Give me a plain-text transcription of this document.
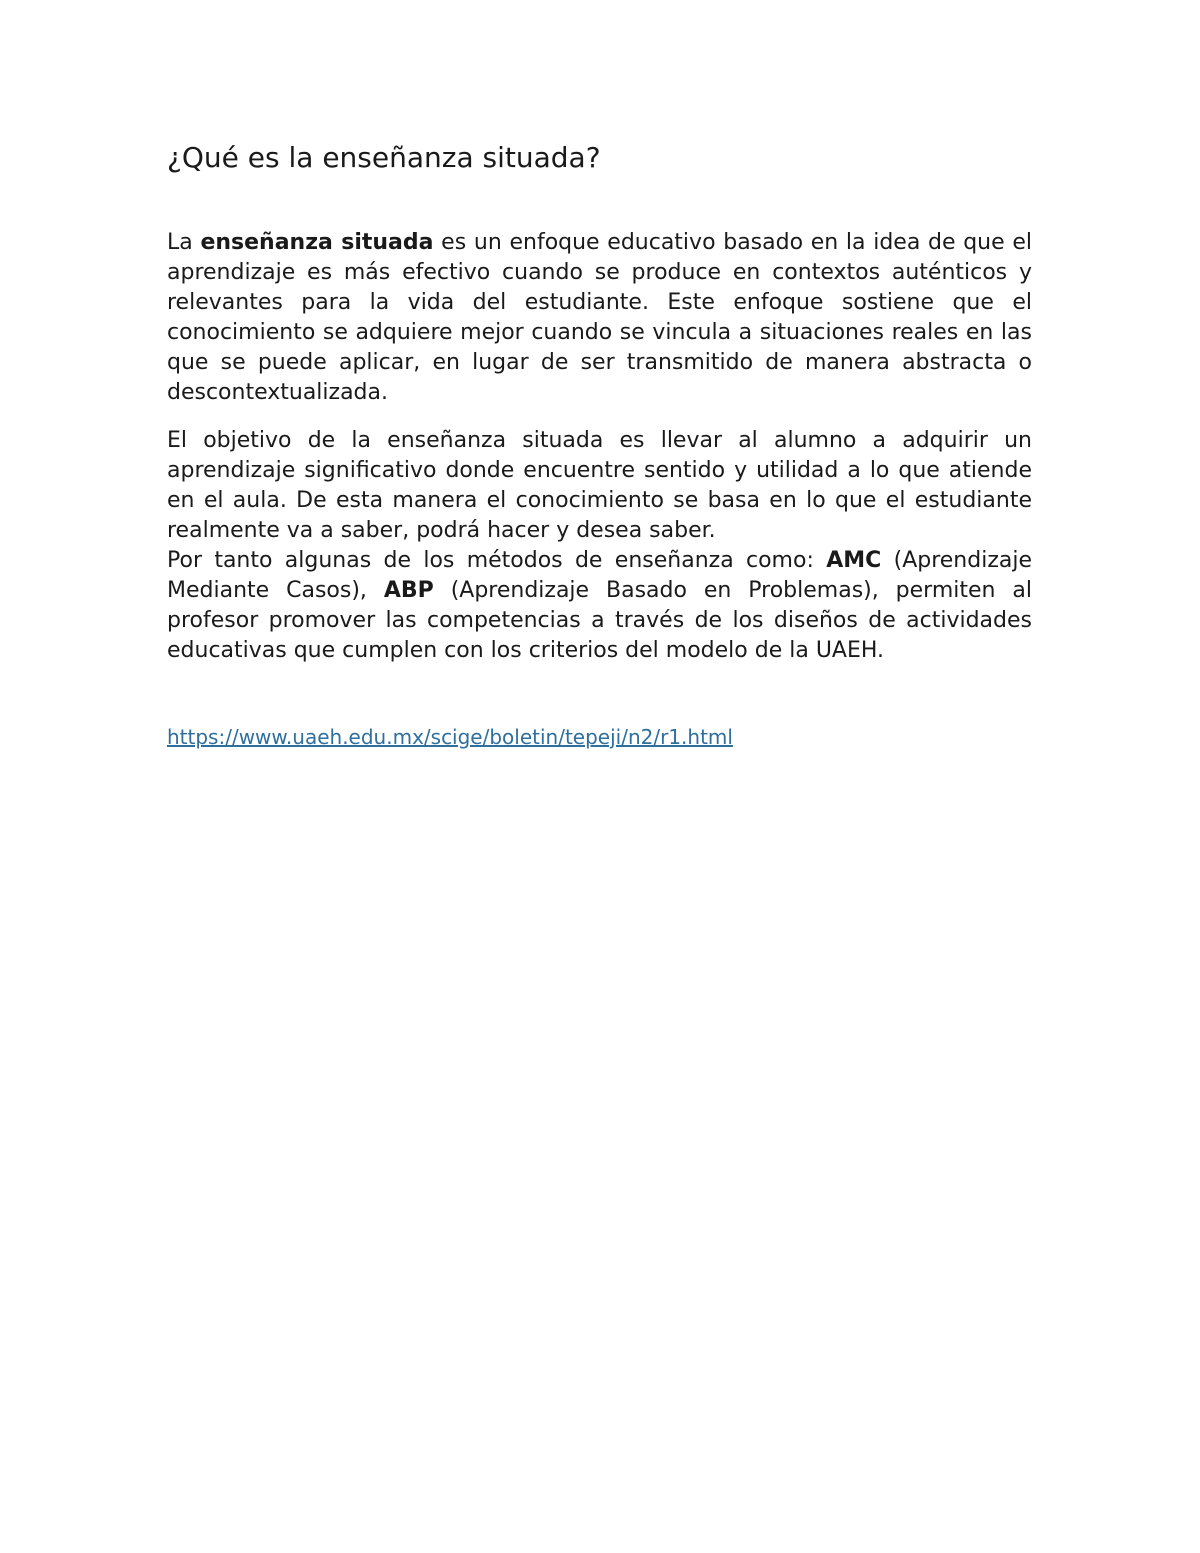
¿Qué es la enseñanza situada?

La enseñanza situada es un enfoque educativo basado en la idea de que el aprendizaje es más efectivo cuando se produce en contextos auténticos y relevantes para la vida del estudiante. Este enfoque sostiene que el conocimiento se adquiere mejor cuando se vincula a situaciones reales en las que se puede aplicar, en lugar de ser transmitido de manera abstracta o descontextualizada.

El objetivo de la enseñanza situada es llevar al alumno a adquirir un aprendizaje significativo donde encuentre sentido y utilidad a lo que atiende en el aula. De esta manera el conocimiento se basa en lo que el estudiante realmente va a saber, podrá hacer y desea saber.

Por tanto algunas de los métodos de enseñanza como: AMC (Aprendizaje Mediante Casos), ABP (Aprendizaje Basado en Problemas), permiten al profesor promover las competencias a través de los diseños de actividades educativas que cumplen con los criterios del modelo de la UAEH.

https://www.uaeh.edu.mx/scige/boletin/tepeji/n2/r1.html
